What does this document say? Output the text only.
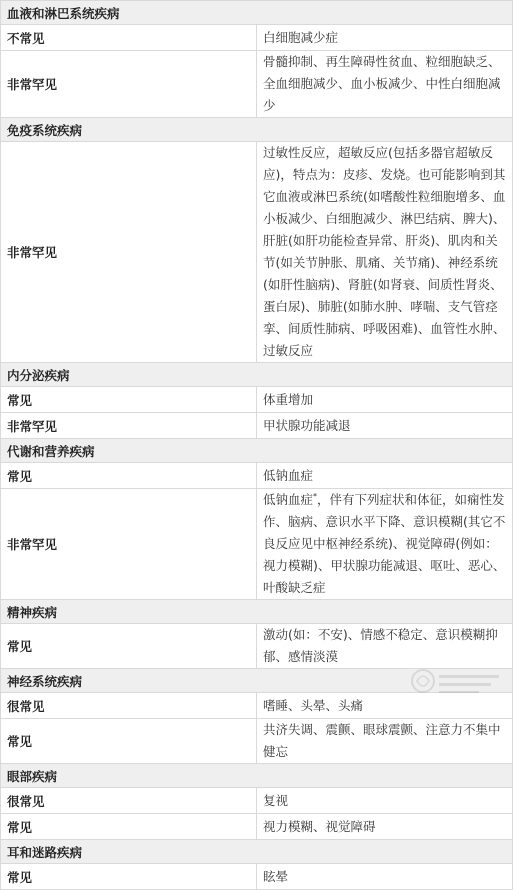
血液和淋巴系统疾病	
不常见	白细胞减少症
非常罕见	骨髓抑制、再生障碍性贫血、粒细胞缺乏、全血细胞减少、血小板减少、中性白细胞减少
免疫系统疾病	
非常罕见	过敏性反应，超敏反应(包括多器官超敏反应)，特点为：皮疹、发烧。也可能影响到其它血液或淋巴系统(如嗜酸性粒细胞增多、血小板减少、白细胞减少、淋巴结病、脾大)、肝脏(如肝功能检查异常、肝炎)、肌肉和关节(如关节肿胀、肌痛、关节痛)、神经系统(如肝性脑病)、肾脏(如肾衰、间质性肾炎、蛋白尿)、肺脏(如肺水肿、哮喘、支气管痉挛、间质性肺病、呼吸困难)、血管性水肿、过敏反应
内分泌疾病	
常见	体重增加
非常罕见	甲状腺功能减退
代谢和营养疾病	
常见	低钠血症
非常罕见	低钠血症*，伴有下列症状和体征，如痫性发作、脑病、意识水平下降、意识模糊(其它不良反应见中枢神经系统)、视觉障碍(例如：视力模糊)、甲状腺功能减退、呕吐、恶心、叶酸缺乏症
精神疾病	
常见	激动(如：不安)、情感不稳定、意识模糊抑郁、感情淡漠
神经系统疾病	
很常见	嗜睡、头晕、头痛
常见	共济失调、震颤、眼球震颤、注意力不集中健忘
眼部疾病	
很常见	复视
常见	视力模糊、视觉障碍
耳和迷路疾病	
常见	眩晕
